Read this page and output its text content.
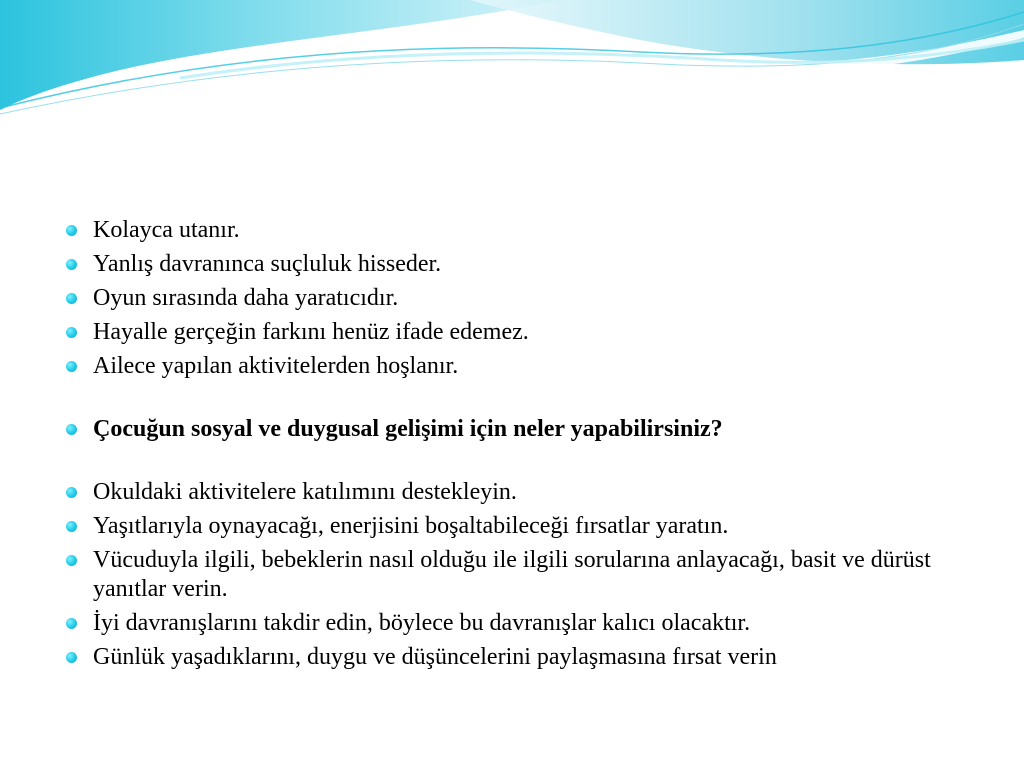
Kolayca utanır.
Yanlış davranınca suçluluk hisseder.
Oyun sırasında daha yaratıcıdır.
Hayalle gerçeğin farkını henüz ifade edemez.
Ailece yapılan aktivitelerden hoşlanır.
Çocuğun sosyal ve duygusal gelişimi için neler yapabilirsiniz?
Okuldaki aktivitelere katılımını destekleyin.
Yaşıtlarıyla oynayacağı, enerjisini boşaltabileceği fırsatlar yaratın.
Vücuduyla ilgili, bebeklerin nasıl olduğu ile ilgili sorularına anlayacağı, basit ve dürüst yanıtlar verin.
İyi davranışlarını takdir edin, böylece bu davranışlar kalıcı olacaktır.
Günlük yaşadıklarını, duygu ve düşüncelerini paylaşmasına fırsat verin
